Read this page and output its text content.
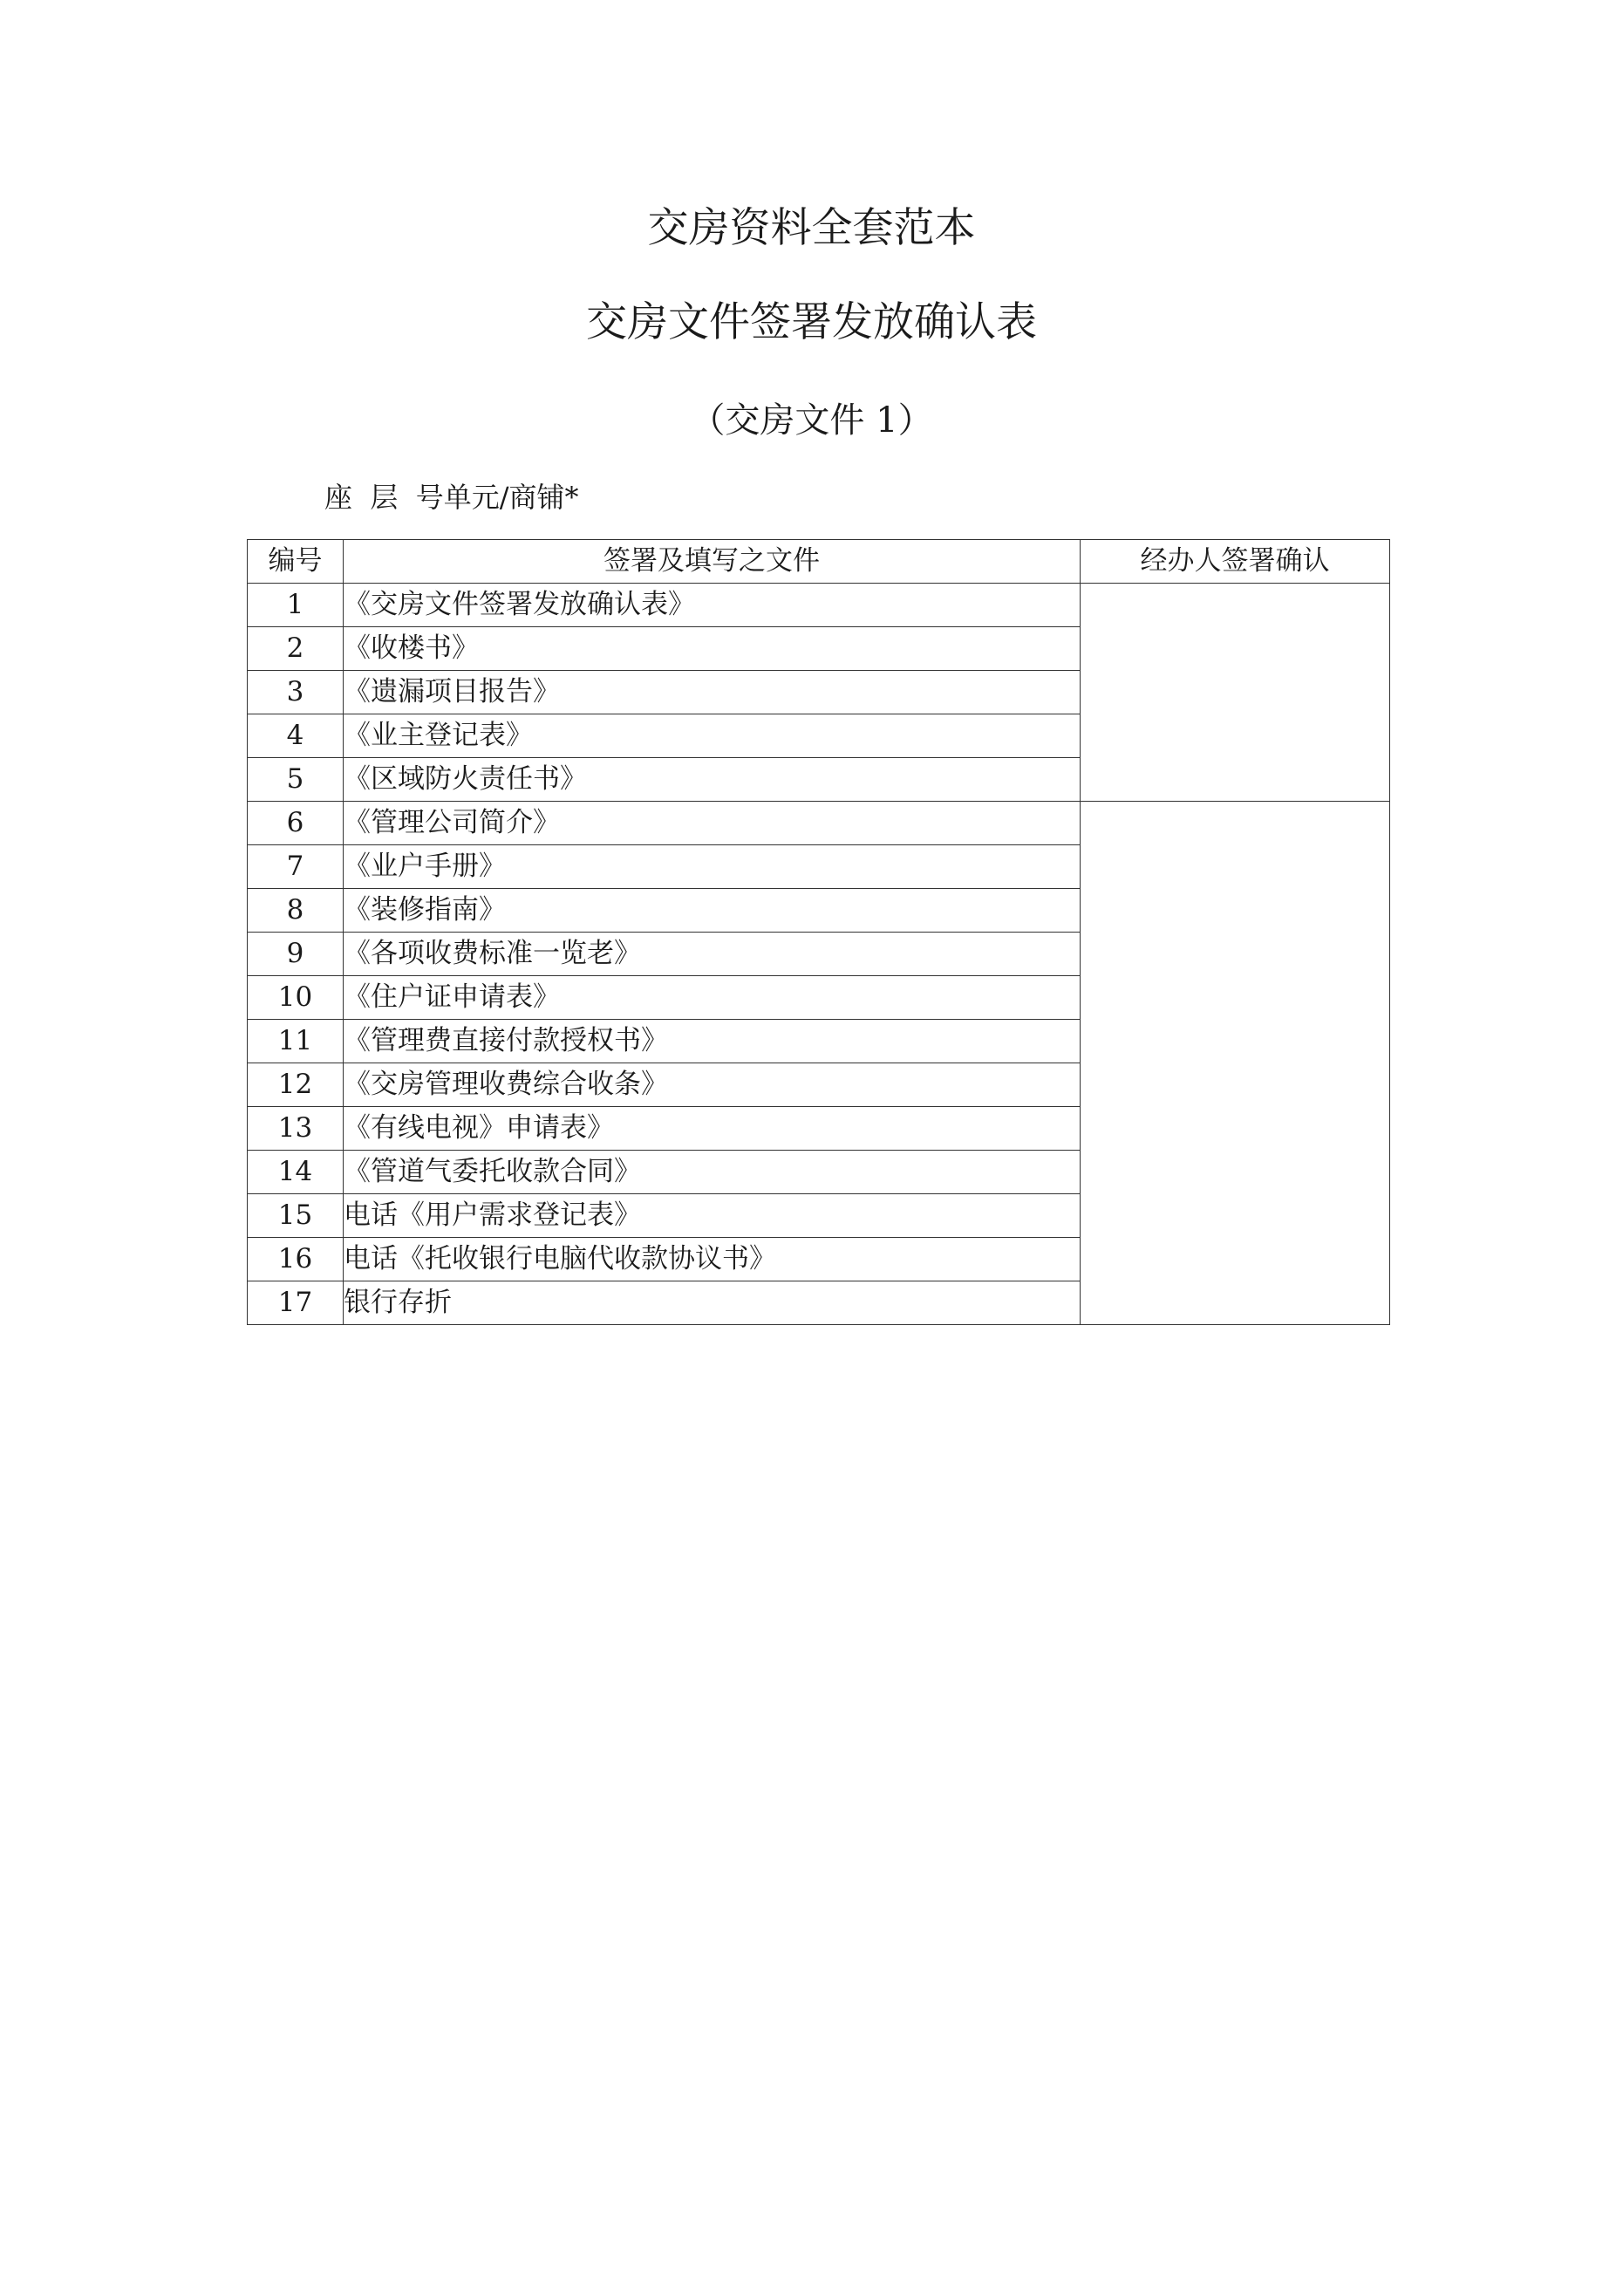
交房资料全套范本
交房文件签署发放确认表
（交房文件 1）
座  层  号单元/商铺*
编号	签署及填写之文件	经办人签署确认
1	《交房文件签署发放确认表》	
2	《收楼书》	
3	《遗漏项目报告》	
4	《业主登记表》	
5	《区域防火责任书》	
6	《管理公司简介》	
7	《业户手册》	
8	《装修指南》	
9	《各项收费标准一览老》	
10	《住户证申请表》	
11	《管理费直接付款授权书》	
12	《交房管理收费综合收条》	
13	《有线电视》申请表》	
14	《管道气委托收款合同》	
15	电话《用户需求登记表》	
16	电话《托收银行电脑代收款协议书》	
17	银行存折	
